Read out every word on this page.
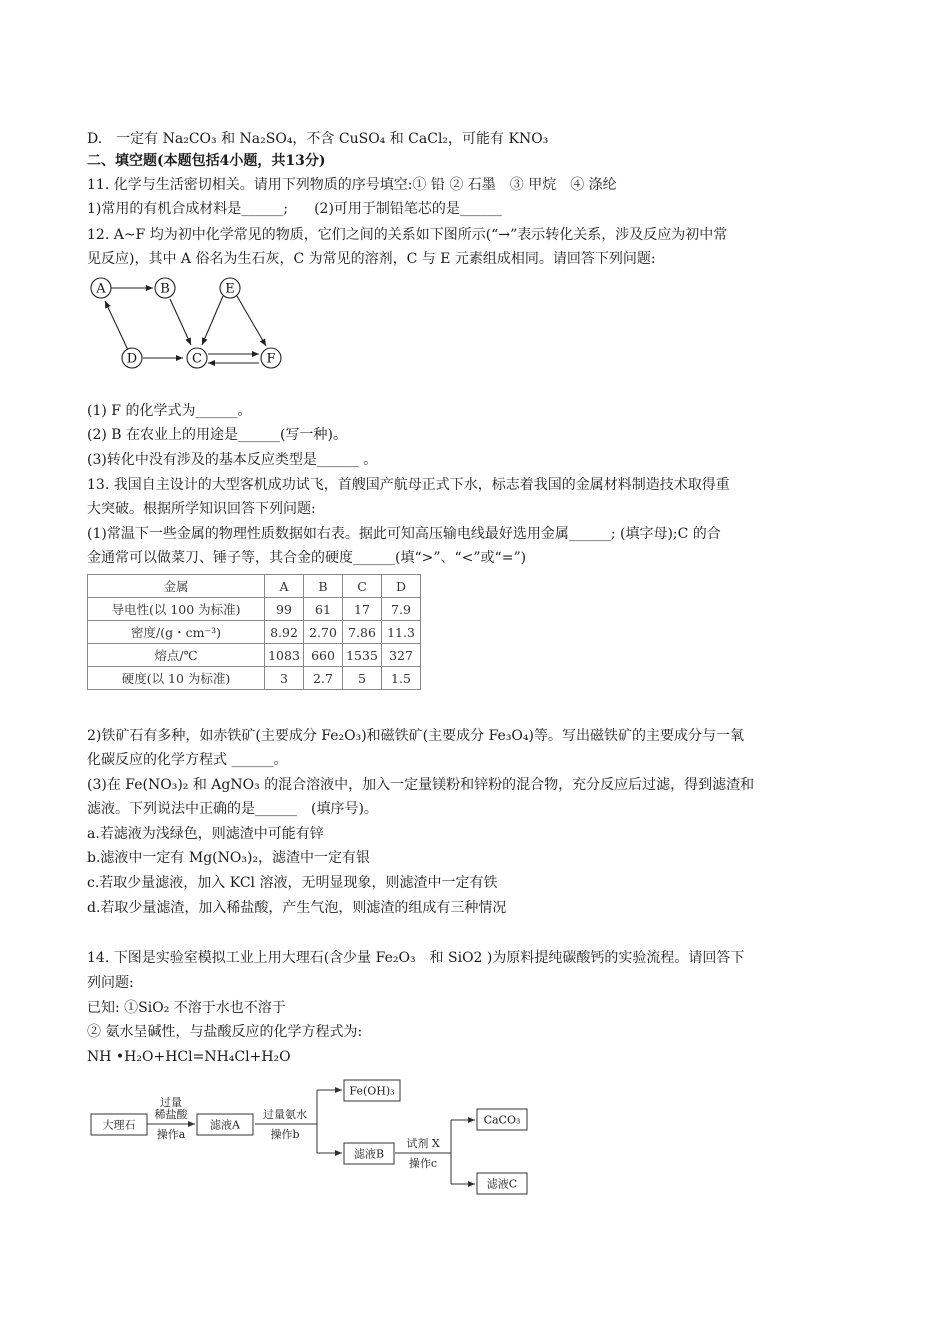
D.　一定有 Na₂CO₃ 和 Na₂SO₄，不含 CuSO₄ 和 CaCl₂，可能有 KNO₃
二、填空题(本题包括4小题，共13分)
11. 化学与生活密切相关。请用下列物质的序号填空:① 铅 ② 石墨　③ 甲烷　④ 涤纶
1)常用的有机合成材料是______; (2)可用于制铅笔芯的是______
12. A~F 均为初中化学常见的物质，它们之间的关系如下图所示(“→”表示转化关系，涉及反应为初中常
见反应)，其中 A 俗名为生石灰，C 为常见的溶剂，C 与 E 元素组成相同。请回答下列问题:
A	B
C
D
E
F
(1) F 的化学式为______。
(2) B 在农业上的用途是______(写一种)。
(3)转化中没有涉及的基本反应类型是______ 。
13. 我国自主设计的大型客机成功试飞，首艘国产航母正式下水，标志着我国的金属材料制造技术取得重
大突破。根据所学知识回答下列问题:
(1)常温下一些金属的物理性质数据如右表。据此可知高压输电线最好选用金属______; (填字母);C 的合
金通常可以做菜刀、锤子等，其合金的硬度______(填“>”、“<”或“=”)
金属	A	B	C	D
导电性(以 100 为标准)	99	61	17	7.9
密度/(g・cm⁻³)	8.92	2.70	7.86	11.3
熔点/℃	1083	660	1535	327
硬度(以 10 为标准)	3	2.7	5	1.5
2)铁矿石有多种，如赤铁矿(主要成分 Fe₂O₃)和磁铁矿(主要成分 Fe₃O₄)等。写出磁铁矿的主要成分与一氧
化碳反应的化学方程式 ______。
(3)在 Fe(NO₃)₂ 和 AgNO₃ 的混合溶液中，加入一定量镁粉和锌粉的混合物，充分反应后过滤，得到滤渣和
滤液。下列说法中正确的是______　(填序号)。
a.若滤液为浅绿色，则滤渣中可能有锌
b.滤液中一定有 Mg(NO₃)₂，滤渣中一定有银
c.若取少量滤液，加入 KCl 溶液，无明显现象，则滤渣中一定有铁
d.若取少量滤渣，加入稀盐酸，产生气泡，则滤渣的组成有三种情况
14. 下图是实验室模拟工业上用大理石(含少量 Fe₂O₃　和 SiO2 )为原料提纯碳酸钙的实验流程。请回答下
列问题:
已知: ①SiO₂ 不溶于水也不溶于
② 氨水呈碱性，与盐酸反应的化学方程式为:
NH •H₂O+HCl=NH₄Cl+H₂O
大理石
过量
稀盐酸
操作a
滤液A
过量氨水
操作b
Fe(OH)₃
滤液B
试剂 X
操作c
CaCO₃
滤液C
